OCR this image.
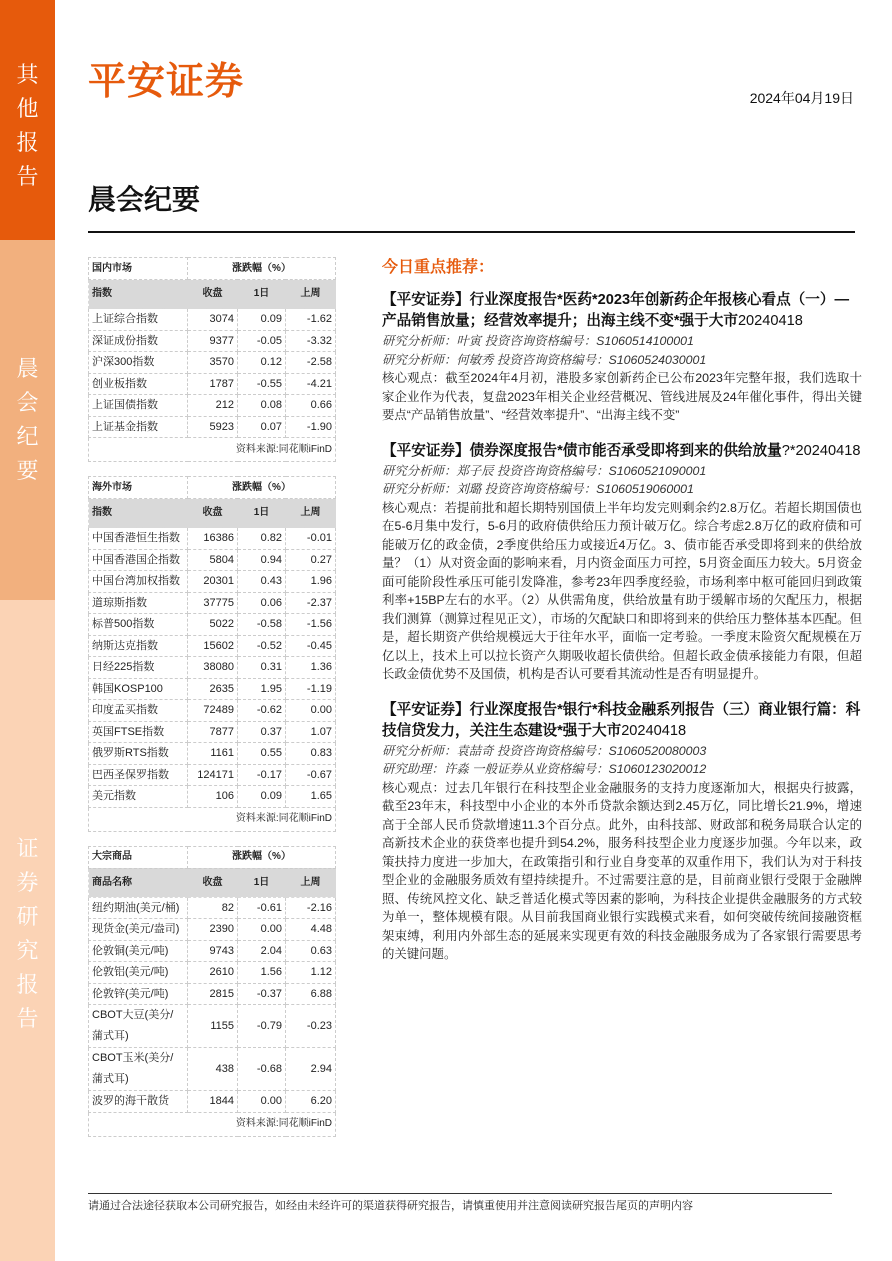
其他报告
晨会纪要
证券研究报告
平安证券	2024年04月19日
晨会纪要
国内市场	涨跌幅（%）		
指数	收盘	1日	上周
上证综合指数	3074	0.09	-1.62
深证成份指数	9377	-0.05	-3.32
沪深300指数	3570	0.12	-2.58
创业板指数	1787	-0.55	-4.21
上证国债指数	212	0.08	0.66
上证基金指数	5923	0.07	-1.90
资料来源:同花顺iFinD			
海外市场	涨跌幅（%）		
指数	收盘	1日	上周
中国香港恒生指数	16386	0.82	-0.01
中国香港国企指数	5804	0.94	0.27
中国台湾加权指数	20301	0.43	1.96
道琼斯指数	37775	0.06	-2.37
标普500指数	5022	-0.58	-1.56
纳斯达克指数	15602	-0.52	-0.45
日经225指数	38080	0.31	1.36
韩国KOSP100	2635	1.95	-1.19
印度孟买指数	72489	-0.62	0.00
英国FTSE指数	7877	0.37	1.07
俄罗斯RTS指数	1161	0.55	0.83
巴西圣保罗指数	124171	-0.17	-0.67
美元指数	106	0.09	1.65
资料来源:同花顺iFinD			
大宗商品	涨跌幅（%）		
商品名称	收盘	1日	上周
纽约期油(美元/桶)	82	-0.61	-2.16
现货金(美元/盎司)	2390	0.00	4.48
伦敦铜(美元/吨)	9743	2.04	0.63
伦敦铝(美元/吨)	2610	1.56	1.12
伦敦锌(美元/吨)	2815	-0.37	6.88
CBOT大豆(美分/蒲式耳)	1155	-0.79	-0.23
CBOT玉米(美分/蒲式耳)	438	-0.68	2.94
波罗的海干散货	1844	0.00	6.20
资料来源:同花顺iFinD			
今日重点推荐：
【平安证券】行业深度报告*医药*2023年创新药企年报核心看点（一）— 产品销售放量；经营效率提升；出海主线不变*强于大市20240418
研究分析师：叶寅 投资咨询资格编号：S1060514100001
研究分析师：何敏秀 投资咨询资格编号：S1060524030001

核心观点：截至2024年4月初，港股多家创新药企已公布2023年完整年报，我们选取十家企业作为代表，复盘2023年相关企业经营概况、管线进展及24年催化事件，得出关键要点“产品销售放量”、“经营效率提升”、“出海主线不变”

【平安证券】债券深度报告*债市能否承受即将到来的供给放量?*20240418
研究分析师：郑子辰 投资咨询资格编号：S1060521090001
研究分析师：刘璐 投资咨询资格编号：S1060519060001

核心观点：若提前批和超长期特别国债上半年均发完则剩余约2.8万亿。若超长期国债也在5-6月集中发行，5-6月的政府债供给压力预计破万亿。综合考虑2.8万亿的政府债和可能破万亿的政金债，2季度供给压力或接近4万亿。3、债市能否承受即将到来的供给放量？（1）从对资金面的影响来看，月内资金面压力可控，5月资金面压力较大。5月资金面可能阶段性承压可能引发降准，参考23年四季度经验，市场利率中枢可能回归到政策利率+15BP左右的水平。（2）从供需角度，供给放量有助于缓解市场的欠配压力，根据我们测算（测算过程见正文），市场的欠配缺口和即将到来的供给压力整体基本匹配。但是，超长期资产供给规模远大于往年水平，面临一定考验。一季度末险资欠配规模在万亿以上，技术上可以拉长资产久期吸收超长债供给。但超长政金债承接能力有限，但超长政金债优势不及国债，机构是否认可要看其流动性是否有明显提升。

【平安证券】行业深度报告*银行*科技金融系列报告（三）商业银行篇：科技信贷发力，关注生态建设*强于大市20240418
研究分析师：袁喆奇 投资咨询资格编号：S1060520080003
研究助理：许淼 一般证券从业资格编号：S1060123020012

核心观点：过去几年银行在科技型企业金融服务的支持力度逐渐加大，根据央行披露，截至23年末，科技型中小企业的本外币贷款余额达到2.45万亿，同比增长21.9%，增速高于全部人民币贷款增速11.3个百分点。此外，由科技部、财政部和税务局联合认定的高新技术企业的获贷率也提升到54.2%，服务科技型企业力度逐步加强。今年以来，政策扶持力度进一步加大，在政策指引和行业自身变革的双重作用下，我们认为对于科技型企业的金融服务质效有望持续提升。不过需要注意的是，目前商业银行受限于金融牌照、传统风控文化、缺乏普适化模式等因素的影响，为科技企业提供金融服务的方式较为单一，整体规模有限。从目前我国商业银行实践模式来看，如何突破传统间接融资框架束缚，利用内外部生态的延展来实现更有效的科技金融服务成为了各家银行需要思考的关键问题。

请通过合法途径获取本公司研究报告，如经由未经许可的渠道获得研究报告，请慎重使用并注意阅读研究报告尾页的声明内容
